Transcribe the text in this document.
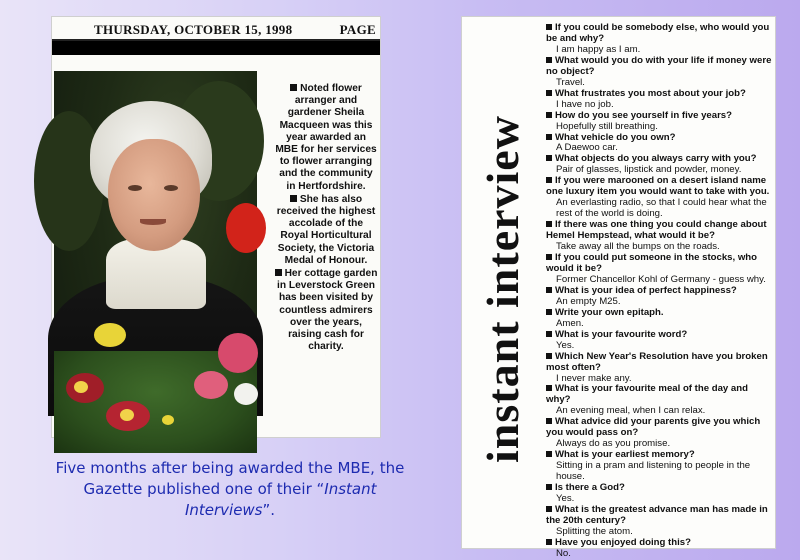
THURSDAY, OCTOBER 15, 1998	PAGE

Noted flower arranger and gardener Sheila Macqueen was this year awarded an MBE for her services to flower arranging and the community in Hertfordshire.

She has also received the highest accolade of the Royal Horticultural Society, the Victoria Medal of Honour.

Her cottage garden in Leverstock Green has been visited by countless admirers over the years, raising cash for charity.

Five months after being awarded the MBE, the
Gazette published one of their “Instant
Interviews”.
instant interview
If you could be somebody else, who would you be and why?
I am happy as I am.
What would you do with your life if money were no object?
Travel.
What frustrates you most about your job?
I have no job.
How do you see yourself in five years?
Hopefully still breathing.
What vehicle do you own?
A Daewoo car.
What objects do you always carry with you?
Pair of glasses, lipstick and powder, money.
If you were marooned on a desert island name one luxury item you would want to take with you.
An everlasting radio, so that I could hear what the rest of the world is doing.
If there was one thing you could change about Hemel Hempstead, what would it be?
Take away all the bumps on the roads.
If you could put someone in the stocks, who would it be?
Former Chancellor Kohl of Germany - guess why.
What is your idea of perfect happiness?
An empty M25.
Write your own epitaph.
Amen.
What is your favourite word?
Yes.
Which New Year's Resolution have you broken most often?
I never make any.
What is your favourite meal of the day and why?
An evening meal, when I can relax.
What advice did your parents give you which you would pass on?
Always do as you promise.
What is your earliest memory?
Sitting in a pram and listening to people in the house.
Is there a God?
Yes.
What is the greatest advance man has made in the 20th century?
Splitting the atom.
Have you enjoyed doing this?
No.
